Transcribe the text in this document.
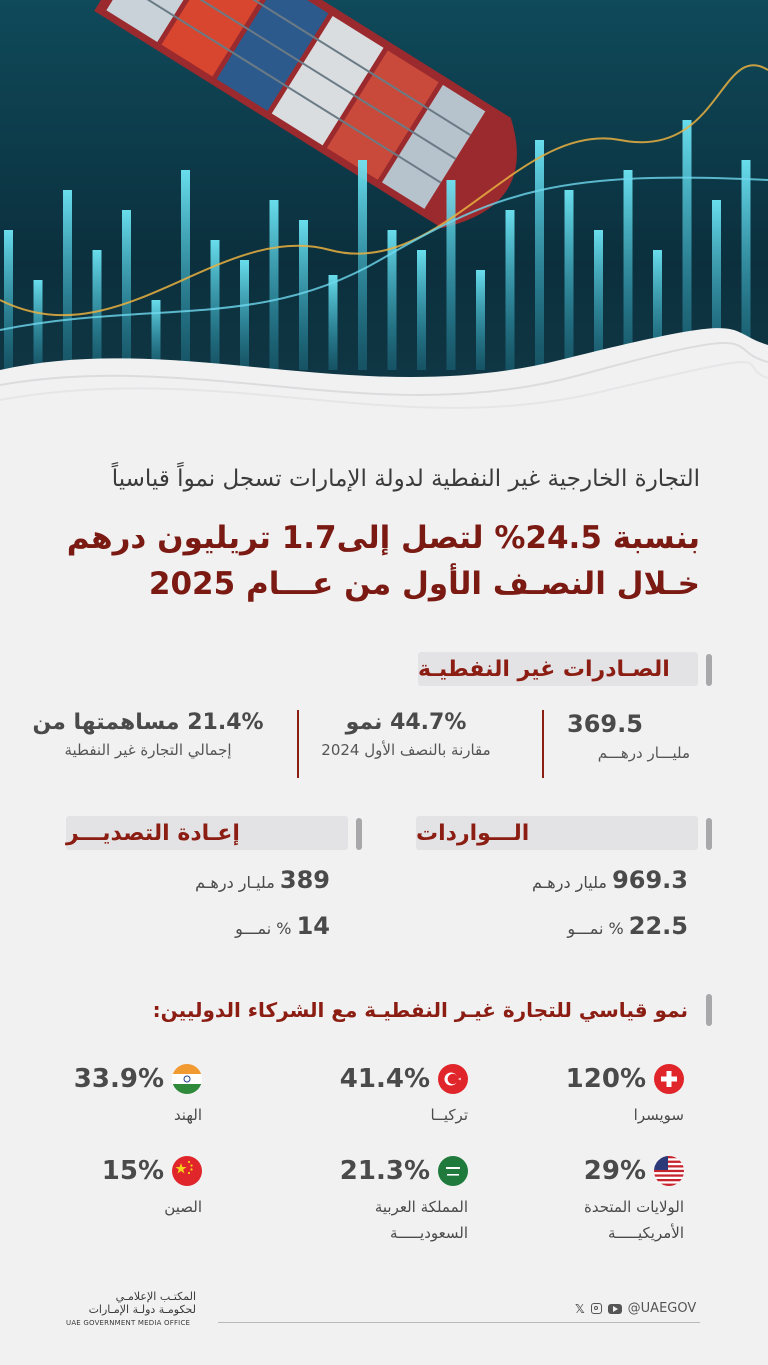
التجارة الخارجية غير النفطية لدولة الإمارات تسجل نمواً قياسياً
بنسبة 24.5% لتصل إلى1.7 تريليون درهم
خـلال النصـف الأول من عـــام 2025
الصـادرات غير النفطيـة
369.5
مليـــار درهـــم
44.7% نمو
مقارنة بالنصف الأول 2024
21.4% مساهمتها من
إجمالي التجارة غير النفطية
الـــواردات
969.3 مليار درهـم
22.5 % نمـــو
إعـادة التصديـــر
389 مليـار درهـم
14 % نمـــو
نمو قياسي للتجارة غيـر النفطيـة مع الشركاء الدوليين:
120%
سويسرا
41.4%
تركيــا
33.9%
الهند
29%
الولايات المتحدة الأمريكيـــــة
21.3%
المملكة العربية السعوديـــــة
15%
الصين
المكتـب الإعلامـي
لحكومـة دولـة الإمـارات
UAE GOVERNMENT MEDIA OFFICE
𝕏	@UAEGOV
